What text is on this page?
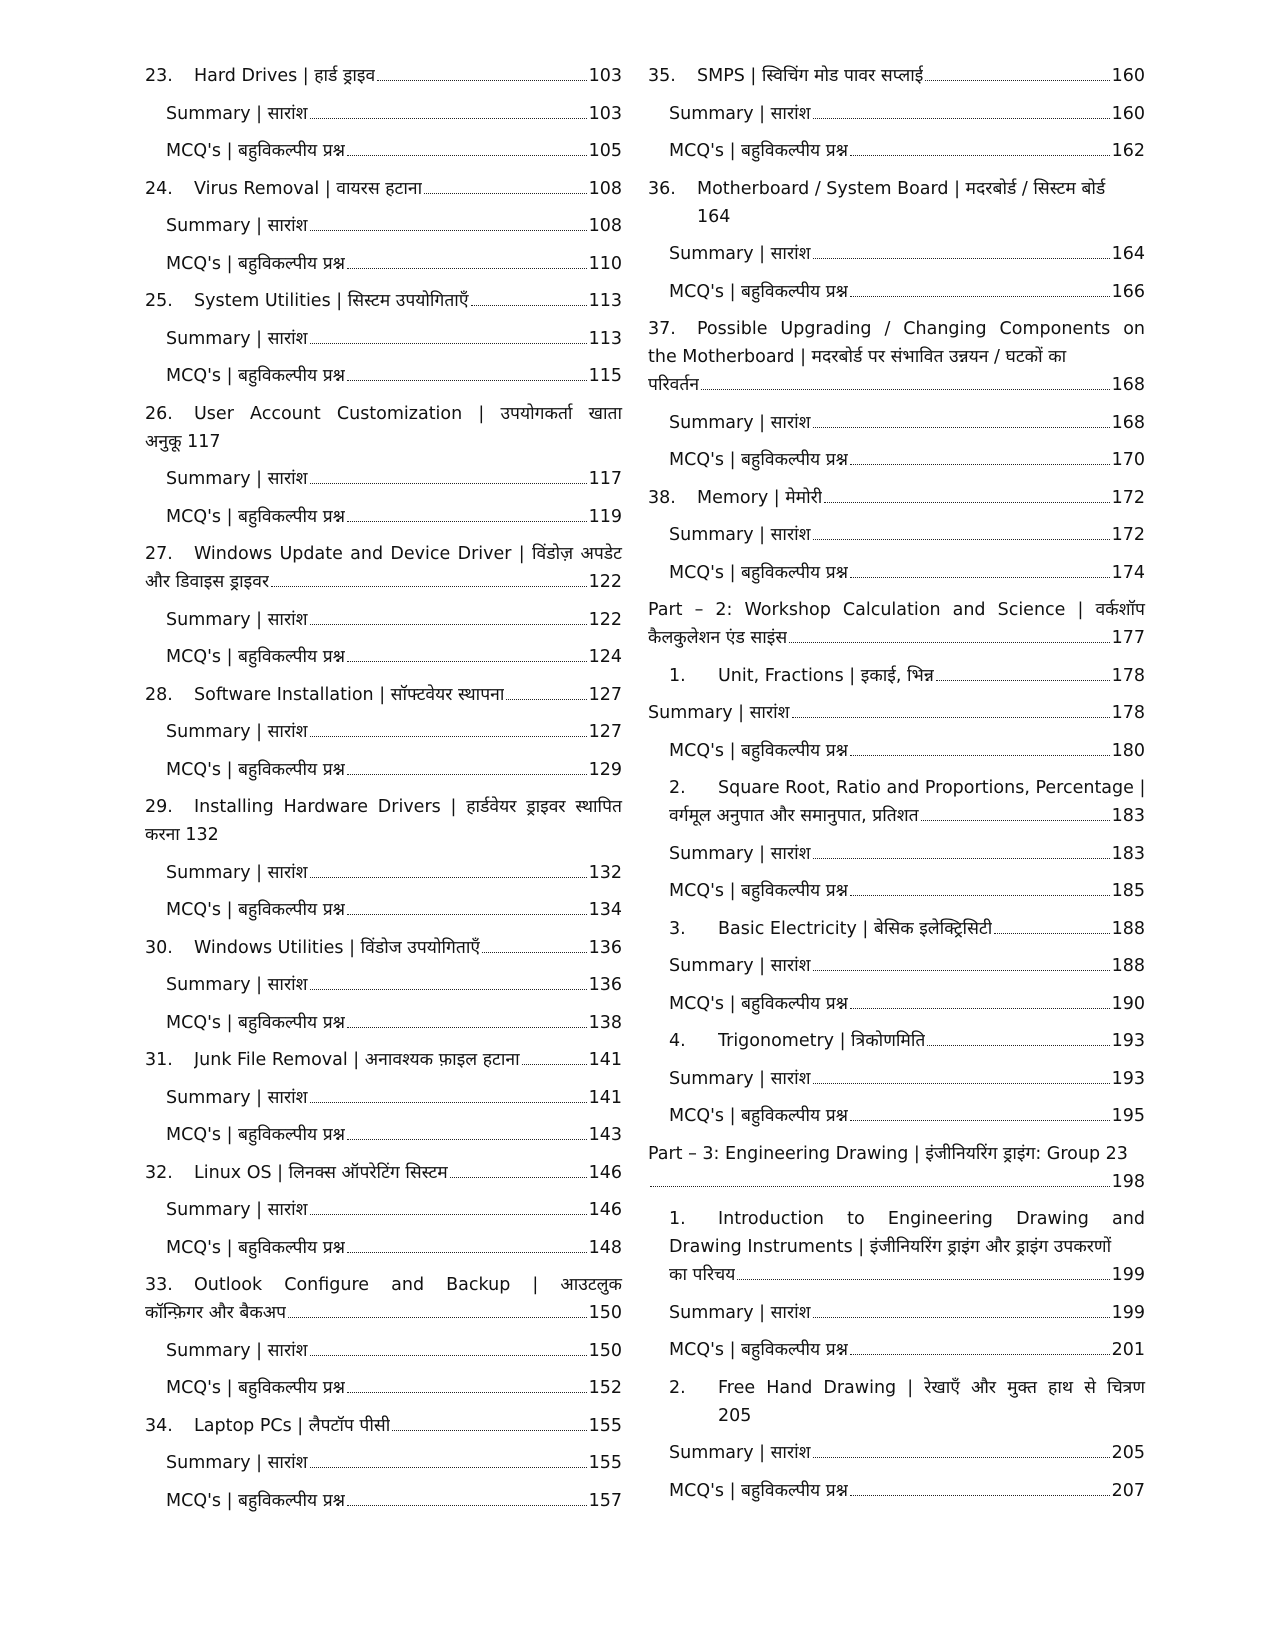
23.	Hard Drives | हार्ड ड्राइव	103
Summary | सारांश	103
MCQ's | बहुविकल्पीय प्रश्न	105
24.	Virus Removal | वायरस हटाना	108
Summary | सारांश	108
MCQ's | बहुविकल्पीय प्रश्न	110
25.	System Utilities | सिस्टम उपयोगिताएँ	113
Summary | सारांश	113
MCQ's | बहुविकल्पीय प्रश्न	115
26. User Account Customization | उपयोगकर्ता खाता
अनुकू 117
Summary | सारांश	117
MCQ's | बहुविकल्पीय प्रश्न	119
27. Windows Update and Device Driver | विंडोज़ अपडेट
और डिवाइस ड्राइवर	122
Summary | सारांश	122
MCQ's | बहुविकल्पीय प्रश्न	124
28.	Software Installation | सॉफ्टवेयर स्थापना	127
Summary | सारांश	127
MCQ's | बहुविकल्पीय प्रश्न	129
29. Installing Hardware Drivers | हार्डवेयर ड्राइवर स्थापित
करना 132
Summary | सारांश	132
MCQ's | बहुविकल्पीय प्रश्न	134
30.	Windows Utilities | विंडोज उपयोगिताएँ	136
Summary | सारांश	136
MCQ's | बहुविकल्पीय प्रश्न	138
31.	Junk File Removal | अनावश्यक फ़ाइल हटाना	141
Summary | सारांश	141
MCQ's | बहुविकल्पीय प्रश्न	143
32.	Linux OS | लिनक्स ऑपरेटिंग सिस्टम	146
Summary | सारांश	146
MCQ's | बहुविकल्पीय प्रश्न	148
33. Outlook Configure and Backup | आउटलुक
कॉन्फ़िगर और बैकअप	150
Summary | सारांश	150
MCQ's | बहुविकल्पीय प्रश्न	152
34.	Laptop PCs | लैपटॉप पीसी	155
Summary | सारांश	155
MCQ's | बहुविकल्पीय प्रश्न	157
35.	SMPS | स्विचिंग मोड पावर सप्लाई	160
Summary | सारांश	160
MCQ's | बहुविकल्पीय प्रश्न	162
36. Motherboard / System Board | मदरबोर्ड / सिस्टम बोर्ड
164
Summary | सारांश	164
MCQ's | बहुविकल्पीय प्रश्न	166
37. Possible Upgrading / Changing Components on
the Motherboard | मदरबोर्ड पर संभावित उन्नयन / घटकों का
परिवर्तन	168
Summary | सारांश	168
MCQ's | बहुविकल्पीय प्रश्न	170
38.	Memory | मेमोरी	172
Summary | सारांश	172
MCQ's | बहुविकल्पीय प्रश्न	174
Part – 2: Workshop Calculation and Science | वर्कशॉप
कैलकुलेशन एंड साइंस	177
1.	Unit, Fractions | इकाई, भिन्न	178
Summary | सारांश	178
MCQ's | बहुविकल्पीय प्रश्न	180
2. Square Root, Ratio and Proportions, Percentage |
वर्गमूल अनुपात और समानुपात, प्रतिशत	183
Summary | सारांश	183
MCQ's | बहुविकल्पीय प्रश्न	185
3.	Basic Electricity | बेसिक इलेक्ट्रिसिटी	188
Summary | सारांश	188
MCQ's | बहुविकल्पीय प्रश्न	190
4.	Trigonometry | त्रिकोणमिति	193
Summary | सारांश	193
MCQ's | बहुविकल्पीय प्रश्न	195
Part – 3: Engineering Drawing | इंजीनियरिंग ड्राइंग: Group 23
198
1. Introduction to Engineering Drawing and
Drawing Instruments | इंजीनियरिंग ड्राइंग और ड्राइंग उपकरणों
का परिचय	199
Summary | सारांश	199
MCQ's | बहुविकल्पीय प्रश्न	201
2. Free Hand Drawing | रेखाएँ और मुक्त हाथ से चित्रण
205
Summary | सारांश	205
MCQ's | बहुविकल्पीय प्रश्न	207
